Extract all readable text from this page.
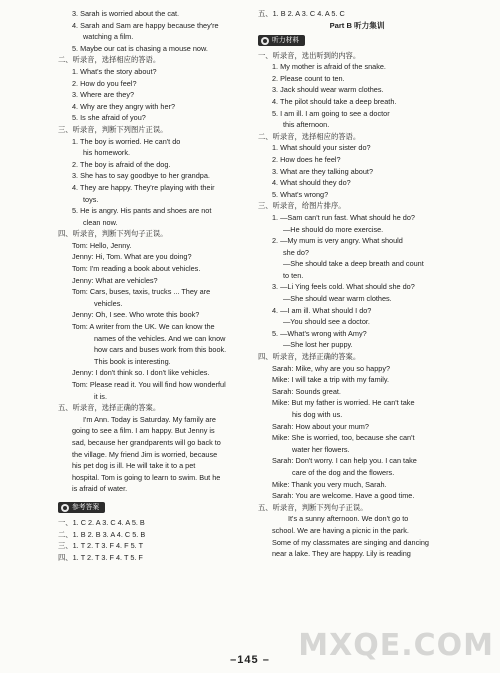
3. Sarah is worried about the cat.
4. Sarah and Sam are happy because they're
watching a film.
5. Maybe our cat is chasing a mouse now.
二、听录音，选择相应的答语。
1. What's the story about?
2. How do you feel?
3. Where are they?
4. Why are they angry with her?
5. Is she afraid of you?
三、听录音，判断下列图片正误。
1. The boy is worried. He can't do
his homework.
2. The boy is afraid of the dog.
3. She has to say goodbye to her grandpa.
4. They are happy. They're playing with their
toys.
5. He is angry. His pants and shoes are not
clean now.
四、听录音，判断下列句子正误。
Tom: Hello, Jenny.
Jenny: Hi, Tom. What are you doing?
Tom: I'm reading a book about vehicles.
Jenny: What are vehicles?
Tom: Cars, buses, taxis, trucks ... They are
vehicles.
Jenny: Oh, I see. Who wrote this book?
Tom: A writer from the UK. We can know the
names of the vehicles. And we can know
how cars and buses work from this book.
This book is interesting.
Jenny: I don't think so. I don't like vehicles.
Tom: Please read it. You will find how wonderful
it is.
五、听录音，选择正确的答案。
I'm Ann. Today is Saturday. My family are
going to see a film. I am happy. But Jenny is
sad, because her grandparents will go back to
the village. My friend Jim is worried, because
his pet dog is ill. He will take it to a pet
hospital. Tom is going to learn to swim. But he
is afraid of water.
参考答案
一、1. C 2. A 3. C 4. A 5. B
二、1. B 2. B 3. A 4. C 5. B
三、1. T 2. T 3. F 4. F 5. T
四、1. T 2. T 3. F 4. T 5. F
五、1. B 2. A 3. C 4. A 5. C
Part B 听力集训
听力材料
一、听录音，选出听到的内容。
1. My mother is afraid of the snake.
2. Please count to ten.
3. Jack should wear warm clothes.
4. The pilot should take a deep breath.
5. I am ill. I am going to see a doctor
this afternoon.
二、听录音，选择相应的答语。
1. What should your sister do?
2. How does he feel?
3. What are they talking about?
4. What should they do?
5. What's wrong?
三、听录音，给图片排序。
1. —Sam can't run fast. What should he do?
—He should do more exercise.
2. —My mum is very angry. What should
she do?
—She should take a deep breath and count
to ten.
3. —Li Ying feels cold. What should she do?
—She should wear warm clothes.
4. —I am ill. What should I do?
—You should see a doctor.
5. —What's wrong with Amy?
—She lost her puppy.
四、听录音，选择正确的答案。
Sarah: Mike, why are you so happy?
Mike: I will take a trip with my family.
Sarah: Sounds great.
Mike: But my father is worried. He can't take
his dog with us.
Sarah: How about your mum?
Mike: She is worried, too, because she can't
water her flowers.
Sarah: Don't worry. I can help you. I can take
care of the dog and the flowers.
Mike: Thank you very much, Sarah.
Sarah: You are welcome. Have a good time.
五、听录音，判断下列句子正误。
It's a sunny afternoon. We don't go to
school. We are having a picnic in the park.
Some of my classmates are singing and dancing
near a lake. They are happy. Lily is reading
–145 – MXQE.COM
